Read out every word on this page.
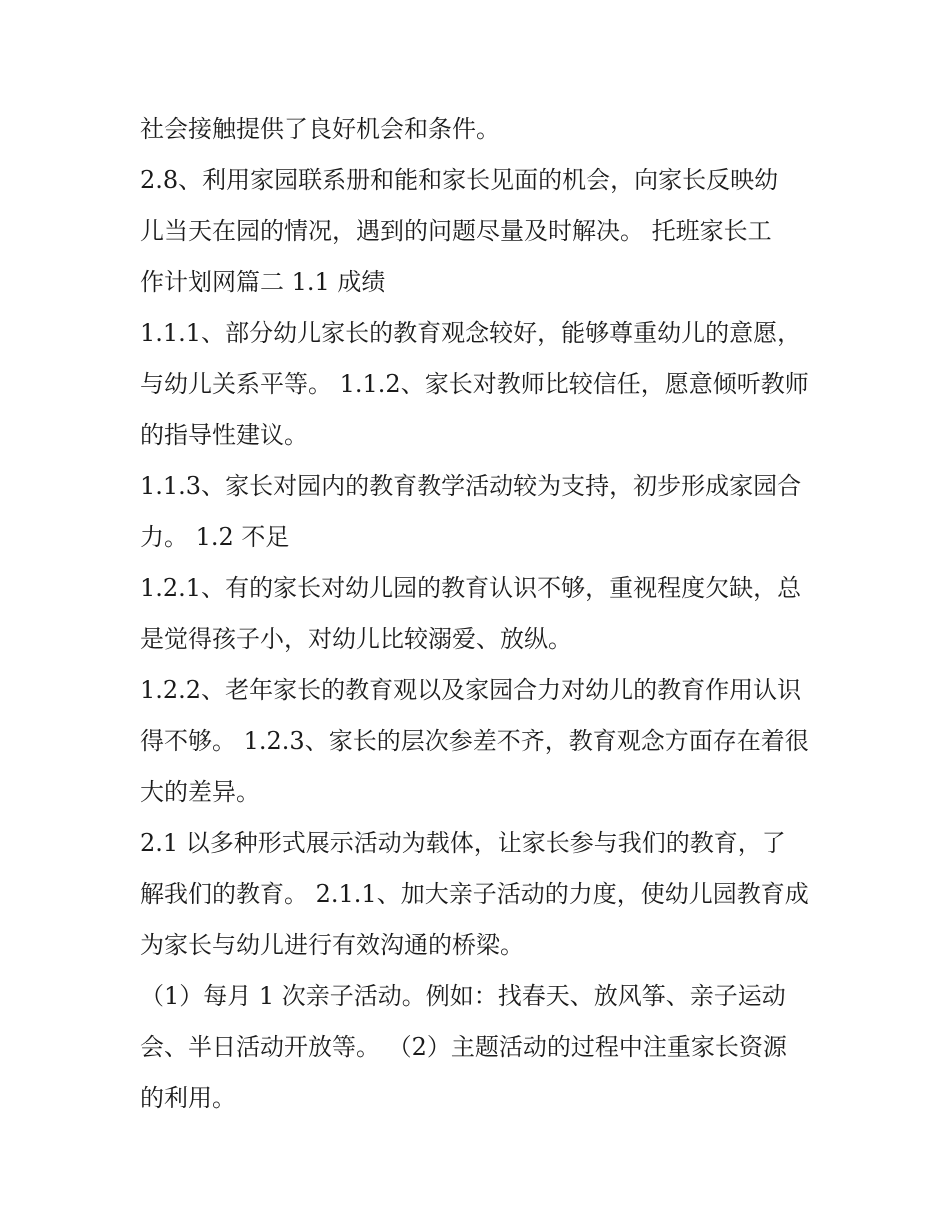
社会接触提供了良好机会和条件。

2.8、利用家园联系册和能和家长见面的机会，向家长反映幼

儿当天在园的情况，遇到的问题尽量及时解决。 托班家长工

作计划网篇二 1.1 成绩

1.1.1、部分幼儿家长的教育观念较好，能够尊重幼儿的意愿，

与幼儿关系平等。 1.1.2、家长对教师比较信任，愿意倾听教师

的指导性建议。

1.1.3、家长对园内的教育教学活动较为支持，初步形成家园合

力。 1.2 不足

1.2.1、有的家长对幼儿园的教育认识不够，重视程度欠缺，总

是觉得孩子小，对幼儿比较溺爱、放纵。

1.2.2、老年家长的教育观以及家园合力对幼儿的教育作用认识

得不够。 1.2.3、家长的层次参差不齐，教育观念方面存在着很

大的差异。

2.1 以多种形式展示活动为载体，让家长参与我们的教育，了

解我们的教育。 2.1.1、加大亲子活动的力度，使幼儿园教育成

为家长与幼儿进行有效沟通的桥梁。

（1）每月 1 次亲子活动。例如：找春天、放风筝、亲子运动

会、半日活动开放等。 （2）主题活动的过程中注重家长资源

的利用。
